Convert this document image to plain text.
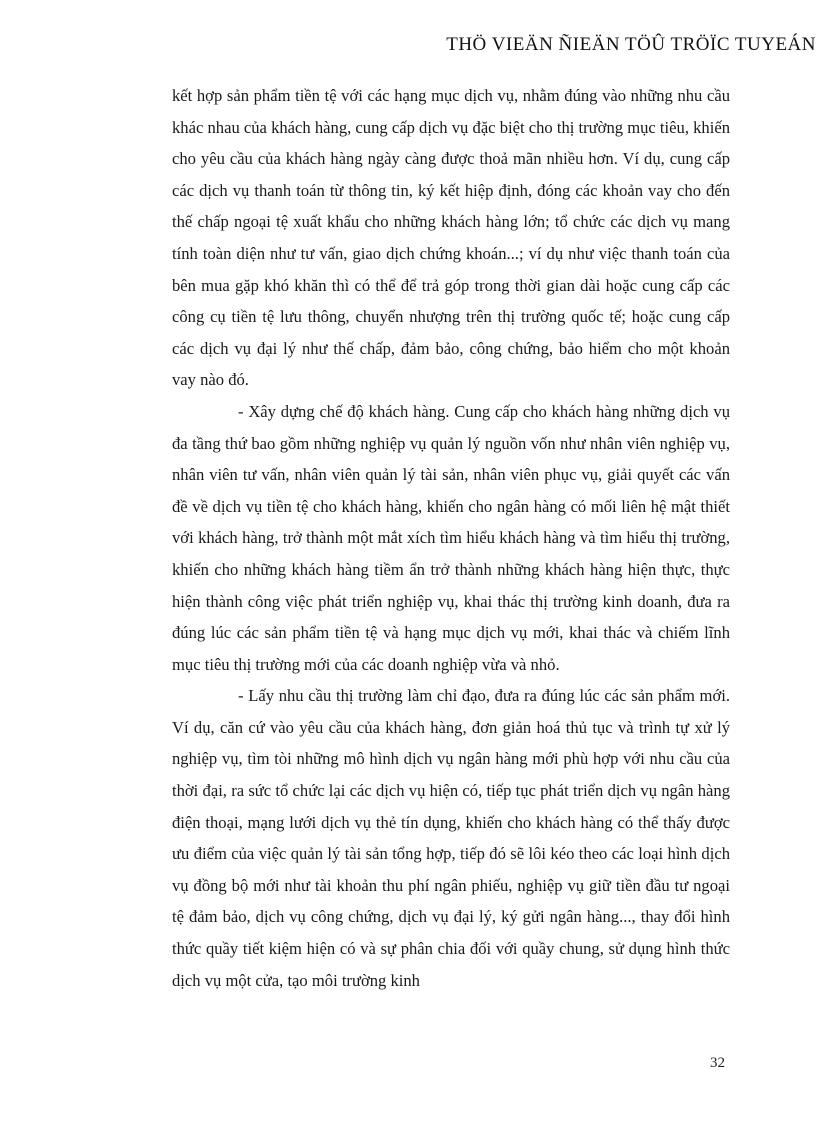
THÖ VIEÄN ÑIEÄN TÖÛ TRÖÏC TUYEÁN

kết hợp sản phẩm tiền tệ với các hạng mục dịch vụ, nhằm đúng vào những nhu cầu khác nhau của khách hàng, cung cấp dịch vụ đặc biệt cho thị trường mục tiêu, khiến cho yêu cầu của khách hàng ngày càng được thoả mãn nhiều hơn. Ví dụ, cung cấp các dịch vụ thanh toán từ thông tin, ký kết hiệp định, đóng các khoản vay cho đến thế chấp ngoại tệ xuất khẩu cho những khách hàng lớn; tổ chức các dịch vụ mang tính toàn diện như tư vấn, giao dịch chứng khoán...; ví dụ như việc thanh toán của bên mua gặp khó khăn thì có thể để trả góp trong thời gian dài hoặc cung cấp các công cụ tiền tệ lưu thông, chuyển nhượng trên thị trường quốc tế; hoặc cung cấp các dịch vụ đại lý như thế chấp, đảm bảo, công chứng, bảo hiểm cho một khoản vay nào đó.

- Xây dựng chế độ khách hàng. Cung cấp cho khách hàng những dịch vụ đa tầng thứ bao gồm những nghiệp vụ quản lý nguồn vốn như nhân viên nghiệp vụ, nhân viên tư vấn, nhân viên quản lý tài sản, nhân viên phục vụ, giải quyết các vấn đề về dịch vụ tiền tệ cho khách hàng, khiến cho ngân hàng có mối liên hệ mật thiết với khách hàng, trở thành một mắt xích tìm hiểu khách hàng và tìm hiểu thị trường, khiến cho những khách hàng tiềm ẩn trở thành những khách hàng hiện thực, thực hiện thành công việc phát triển nghiệp vụ, khai thác thị trường kinh doanh, đưa ra đúng lúc các sản phẩm tiền tệ và hạng mục dịch vụ mới, khai thác và chiếm lĩnh mục tiêu thị trường mới của các doanh nghiệp vừa và nhỏ.

- Lấy nhu cầu thị trường làm chỉ đạo, đưa ra đúng lúc các sản phẩm mới. Ví dụ, căn cứ vào yêu cầu của khách hàng, đơn giản hoá thủ tục và trình tự xử lý nghiệp vụ, tìm tòi những mô hình dịch vụ ngân hàng mới phù hợp với nhu cầu của thời đại, ra sức tổ chức lại các dịch vụ hiện có, tiếp tục phát triển dịch vụ ngân hàng điện thoại, mạng lưới dịch vụ thẻ tín dụng, khiến cho khách hàng có thể thấy được ưu điểm của việc quản lý tài sản tổng hợp, tiếp đó sẽ lôi kéo theo các loại hình dịch vụ đồng bộ mới như tài khoản thu phí ngân phiếu, nghiệp vụ giữ tiền đầu tư ngoại tệ đảm bảo, dịch vụ công chứng, dịch vụ đại lý, ký gửi ngân hàng..., thay đổi hình thức quầy tiết kiệm hiện có và sự phân chia đối với quầy chung, sử dụng hình thức dịch vụ một cửa, tạo môi trường kinh

32
